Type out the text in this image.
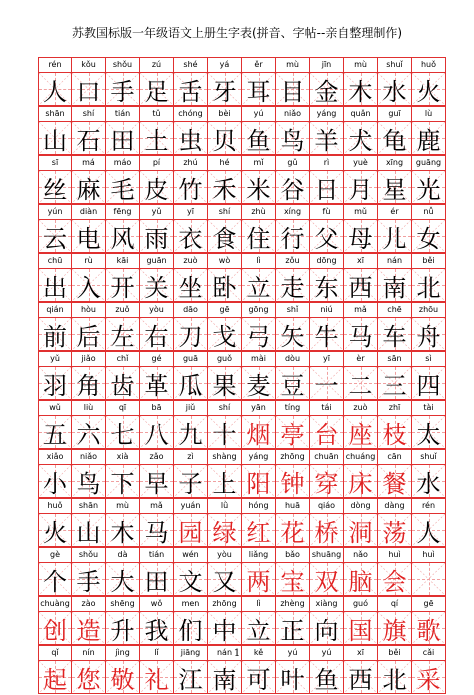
苏教国标版一年级语文上册生字表(拼音、字帖--亲自整理制作)
rén	kǒu	shǒu	zú	shé	yá	ěr	mù	jīn	mù	shuǐ	huǒ
人 口 手 足 舌 牙 耳 目 金 木 水 火
shān	shí	tián	tǔ	chóng	bèi	yú	niǎo	yáng	quǎn	guī	lù
山 石 田 土 虫 贝 鱼 鸟 羊 犬 龟 鹿
sī	má	máo	pí	zhú	hé	mǐ	gǔ	rì	yuè	xīng	guāng
丝 麻 毛 皮 竹 禾 米 谷 日 月 星 光
yún	diàn	fēng	yǔ	yī	shí	zhù	xíng	fù	mǔ	ér	nǚ
云 电 风 雨 衣 食 住 行 父 母 儿 女
chū	rù	kāi	guān	zuò	wò	lì	zǒu	dōng	xī	nán	běi
出 入 开 关 坐 卧 立 走 东 西 南 北
qián	hòu	zuǒ	yòu	dāo	gē	gōng	shǐ	niú	mǎ	chē	zhōu
前 后 左 右 刀 戈 弓 矢 牛 马 车 舟
yǔ	jiǎo	chǐ	gé	guā	guǒ	mài	dòu	yī	èr	sān	sì
羽 角 齿 革 瓜 果 麦 豆 一 二 三 四
wǔ	liù	qī	bā	jiǔ	shí	yān	tíng	tái	zuò	zhī	tài
五 六 七 八 九 十 烟 亭 台 座 枝 太
xiǎo	niǎo	xià	zǎo	zì	shàng	yáng	zhōng	chuān chuáng	cān	shuǐ
小 鸟 下 早 子 上 阳 钟 穿 床 餐 水
huǒ	shān	mù	mǎ	yuán	lǜ	hóng	huā	qiáo	dòng	dàng	rén
火 山 木 马 园 绿 红 花 桥 洞 荡 人
gè	shǒu	dà	tián	wén	yòu	liǎng	bǎo	shuāng	nǎo	huì	huì
个 手 大 田 文 又 两 宝 双 脑 会
chuàng	zào	shēng	wǒ	men	zhōng	lì	zhèng	xiàng	guó	qí	gē
创 造 升 我 们 中 立 正 向 国 旗 歌
qǐ	nín	jìng	lǐ	jiāng	nán	kě	yú	yú	xī	běi	cǎi
起 您 敬 礼 江 南 可 叶 鱼 西 北 采
1
